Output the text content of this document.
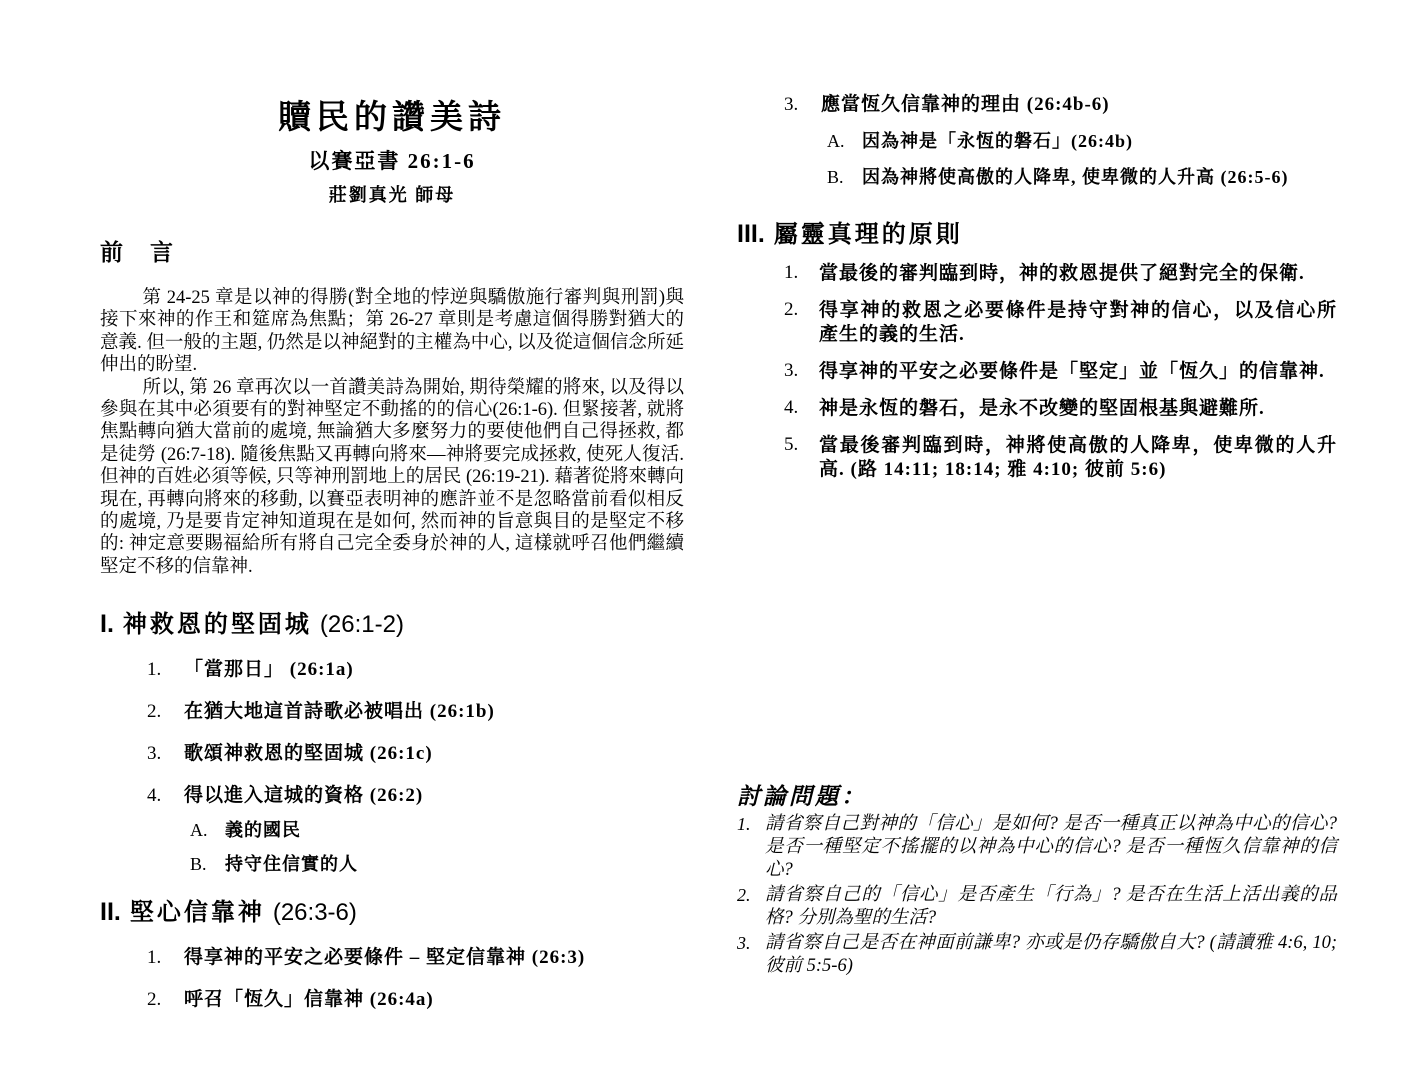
贖民的讚美詩
以賽亞書 26:1-6
莊劉真光 師母
前　言

第 24-25 章是以神的得勝(對全地的悖逆與驕傲施行審判與刑罰)與接下來神的作王和筵席為焦點；第 26-27 章則是考慮這個得勝對猶大的意義. 但一般的主題, 仍然是以神絕對的主權為中心, 以及從這個信念所延伸出的盼望.

所以, 第 26 章再次以一首讚美詩為開始, 期待榮耀的將來, 以及得以參與在其中必須要有的對神堅定不動搖的的信心(26:1-6). 但緊接著, 就將焦點轉向猶大當前的處境, 無論猶大多麼努力的要使他們自己得拯救, 都是徒勞 (26:7-18). 隨後焦點又再轉向將來—神將要完成拯救, 使死人復活. 但神的百姓必須等候, 只等神刑罰地上的居民 (26:19-21). 藉著從將來轉向現在, 再轉向將來的移動, 以賽亞表明神的應許並不是忽略當前看似相反的處境, 乃是要肯定神知道現在是如何, 然而神的旨意與目的是堅定不移的: 神定意要賜福給所有將自己完全委身於神的人, 這樣就呼召他們繼續堅定不移的信靠神.

I. 神救恩的堅固城 (26:1-2)
1.	「當那日」 (26:1a)
2.	在猶大地這首詩歌必被唱出 (26:1b)
3.	歌頌神救恩的堅固城 (26:1c)
4.	得以進入這城的資格 (26:2)
A. 義的國民
B.	持守住信實的人
II. 堅心信靠神 (26:3-6)
1.	得享神的平安之必要條件 – 堅定信靠神 (26:3)
2.	呼召「恆久」信靠神 (26:4a)
3.	應當恆久信靠神的理由 (26:4b-6)
A. 因為神是「永恆的磐石」(26:4b)
B.	因為神將使高傲的人降卑, 使卑微的人升高 (26:5-6)
III. 屬靈真理的原則
1.	當最後的審判臨到時，神的救恩提供了絕對完全的保衛.
2.	得享神的救恩之必要條件是持守對神的信心，以及信心所產生的義的生活.
3.	得享神的平安之必要條件是「堅定」並「恆久」的信靠神.
4.	神是永恆的磐石，是永不改變的堅固根基與避難所.
5.	當最後審判臨到時，神將使高傲的人降卑，使卑微的人升高. (路 14:11; 18:14; 雅 4:10; 彼前 5:6)
討論問題：
1. 請省察自己對神的「信心」是如何? 是否一種真正以神為中心的信心? 是否一種堅定不搖擺的以神為中心的信心? 是否一種恆久信靠神的信心?
2. 請省察自己的「信心」是否產生「行為」? 是否在生活上活出義的品格? 分別為聖的生活?
3. 請省察自己是否在神面前謙卑? 亦或是仍存驕傲自大? (請讀雅 4:6, 10; 彼前 5:5-6)
